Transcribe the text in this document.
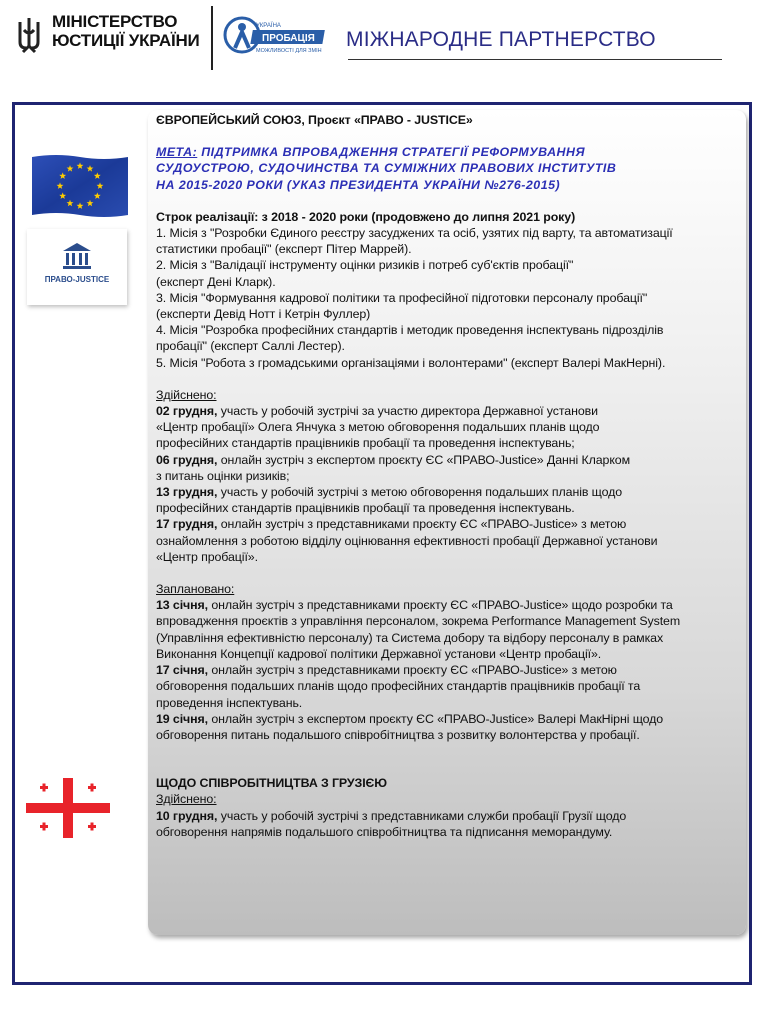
МІНІСТЕРСТВО
ЮСТИЦІЇ УКРАЇНИ
УКРАЇНА
ПРОБАЦІЯ
МОЖЛИВОСТІ ДЛЯ ЗМІН МІЖНАРОДНЕ ПАРТНЕРСТВО
ПРАВО-JUSTICE

ЄВРОПЕЙСЬКИЙ СОЮЗ, Проєкт «ПРАВО - JUSTICE»

МЕТА: ПІДТРИМКА ВПРОВАДЖЕННЯ СТРАТЕГІЇ РЕФОРМУВАННЯ
СУДОУСТРОЮ, СУДОЧИНСТВА ТА СУМІЖНИХ ПРАВОВИХ ІНСТИТУТІВ
НА 2015-2020 РОКИ (УКАЗ ПРЕЗИДЕНТА УКРАЇНИ №276-2015)

Строк реалізації: з 2018 - 2020 роки (продовжено до липня 2021 року)

1. Місія з "Розробки Єдиного реєстру засуджених та осіб, узятих під варту, та автоматизації
статистики пробації" (експерт Пітер Маррей).
2. Місія з "Валідації інструменту оцінки ризиків і потреб суб'єктів пробації"
(експерт Дені Кларк).
3. Місія "Формування кадрової політики та професійної підготовки персоналу пробації"
(експерти Девід Нотт і Кетрін Фуллер)
4. Місія "Розробка професійних стандартів і методик проведення інспектувань підрозділів
пробації" (експерт Саллі Лестер).
5. Місія "Робота з громадськими організаціями і волонтерами" (експерт Валері МакНерні).

Здійснено:

02 грудня, участь у робочій зустрічі за участю директора Державної установи
«Центр пробації» Олега Янчука з метою обговорення подальших планів щодо
професійних стандартів працівників пробації та проведення інспектувань;
06 грудня, онлайн зустріч з експертом проєкту ЄС «ПРАВО-Justice» Данні Кларком
з питань оцінки ризиків;
13 грудня, участь у робочій зустрічі з метою обговорення подальших планів щодо
професійних стандартів працівників пробації та проведення інспектувань.
17 грудня, онлайн зустріч з представниками проєкту ЄС «ПРАВО-Justice» з метою
ознайомлення з роботою відділу оцінювання ефективності пробації Державної установи
«Центр пробації».

Заплановано:

13 січня, онлайн зустріч з представниками проєкту ЄС «ПРАВО-Justice» щодо розробки та
впровадження проєктів з управління персоналом, зокрема Performance Management System
(Управління ефективністю персоналу) та Система добору та відбору персоналу в рамках
Виконання Концепції кадрової політики Державної установи «Центр пробації».
17 січня, онлайн зустріч з представниками проєкту ЄС «ПРАВО-Justice» з метою
обговорення подальших планів щодо професійних стандартів працівників пробації та
проведення інспектувань.
19 січня, онлайн зустріч з експертом проєкту ЄС «ПРАВО-Justice» Валері МакНірні щодо
обговорення питань подальшого співробітництва з розвитку волонтерства у пробації.

ЩОДО СПІВРОБІТНИЦТВА З ГРУЗІЄЮ

Здійснено:

10 грудня, участь у робочій зустрічі з представниками служби пробації Грузії щодо
обговорення напрямів подальшого співробітництва та підписання меморандуму.
